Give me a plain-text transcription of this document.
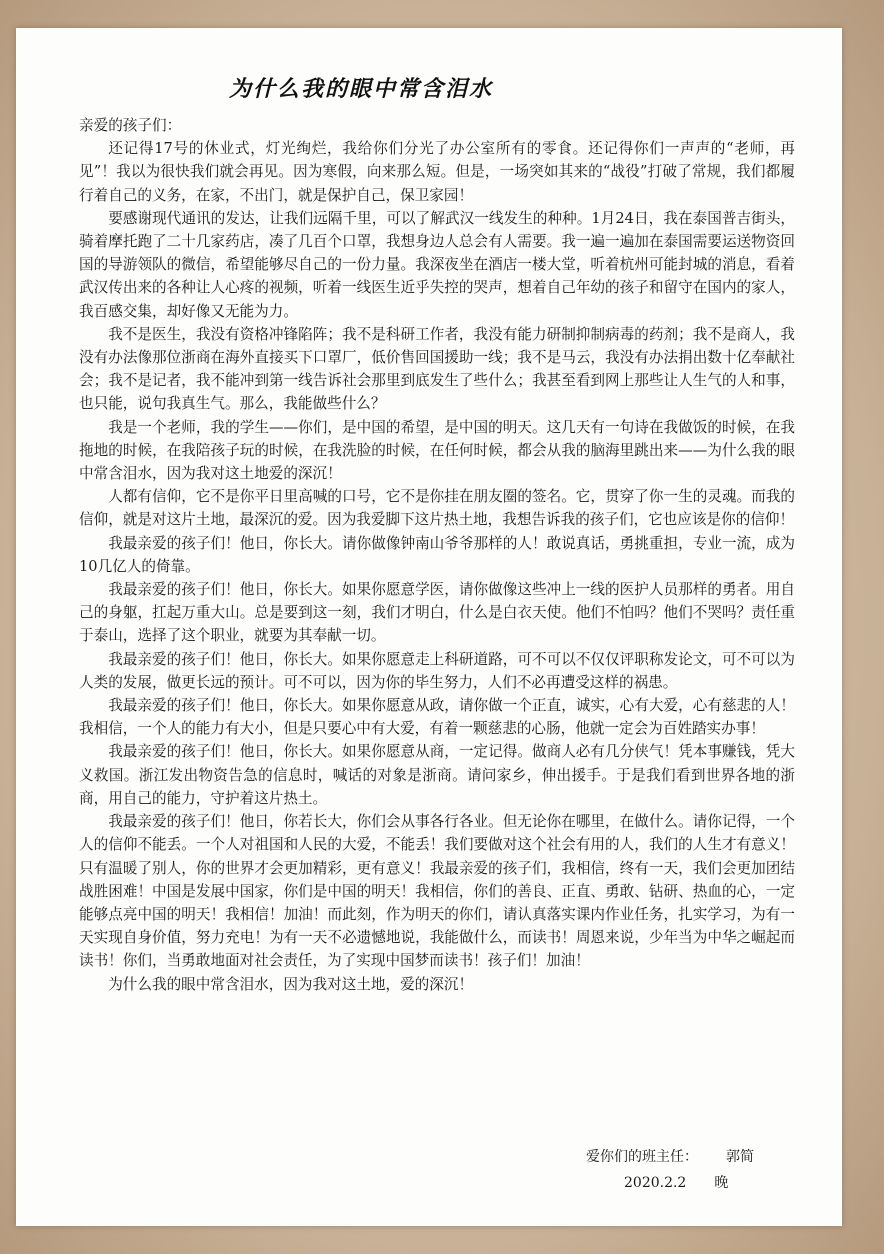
为什么我的眼中常含泪水

亲爱的孩子们：

还记得17号的休业式，灯光绚烂，我给你们分光了办公室所有的零食。还记得你们一声声的“老师，再见”！我以为很快我们就会再见。因为寒假，向来那么短。但是，一场突如其来的“战役”打破了常规，我们都履行着自己的义务，在家，不出门，就是保护自己，保卫家园！

要感谢现代通讯的发达，让我们远隔千里，可以了解武汉一线发生的种种。1月24日，我在泰国普吉街头，骑着摩托跑了二十几家药店，凑了几百个口罩，我想身边人总会有人需要。我一遍一遍加在泰国需要运送物资回国的导游领队的微信，希望能够尽自己的一份力量。我深夜坐在酒店一楼大堂，听着杭州可能封城的消息，看着武汉传出来的各种让人心疼的视频，听着一线医生近乎失控的哭声，想着自己年幼的孩子和留守在国内的家人，我百感交集，却好像又无能为力。

我不是医生，我没有资格冲锋陷阵；我不是科研工作者，我没有能力研制抑制病毒的药剂；我不是商人，我没有办法像那位浙商在海外直接买下口罩厂，低价售回国援助一线；我不是马云，我没有办法捐出数十亿奉献社会；我不是记者，我不能冲到第一线告诉社会那里到底发生了些什么；我甚至看到网上那些让人生气的人和事，也只能，说句我真生气。那么，我能做些什么？

我是一个老师，我的学生——你们，是中国的希望，是中国的明天。这几天有一句诗在我做饭的时候，在我拖地的时候，在我陪孩子玩的时候，在我洗脸的时候，在任何时候，都会从我的脑海里跳出来——为什么我的眼中常含泪水，因为我对这土地爱的深沉！

人都有信仰，它不是你平日里高喊的口号，它不是你挂在朋友圈的签名。它，贯穿了你一生的灵魂。而我的信仰，就是对这片土地，最深沉的爱。因为我爱脚下这片热土地，我想告诉我的孩子们，它也应该是你的信仰！

我最亲爱的孩子们！他日，你长大。请你做像钟南山爷爷那样的人！敢说真话，勇挑重担，专业一流，成为10几亿人的倚靠。

我最亲爱的孩子们！他日，你长大。如果你愿意学医，请你做像这些冲上一线的医护人员那样的勇者。用自己的身躯，扛起万重大山。总是要到这一刻，我们才明白，什么是白衣天使。他们不怕吗？他们不哭吗？责任重于泰山，选择了这个职业，就要为其奉献一切。

我最亲爱的孩子们！他日，你长大。如果你愿意走上科研道路，可不可以不仅仅评职称发论文，可不可以为人类的发展，做更长远的预计。可不可以，因为你的毕生努力，人们不必再遭受这样的祸患。

我最亲爱的孩子们！他日，你长大。如果你愿意从政，请你做一个正直，诚实，心有大爱，心有慈悲的人！我相信，一个人的能力有大小，但是只要心中有大爱，有着一颗慈悲的心肠，他就一定会为百姓踏实办事！

我最亲爱的孩子们！他日，你长大。如果你愿意从商，一定记得。做商人必有几分侠气！凭本事赚钱，凭大义救国。浙江发出物资告急的信息时，喊话的对象是浙商。请问家乡，伸出援手。于是我们看到世界各地的浙商，用自己的能力，守护着这片热土。

我最亲爱的孩子们！他日，你若长大，你们会从事各行各业。但无论你在哪里，在做什么。请你记得，一个人的信仰不能丢。一个人对祖国和人民的大爱，不能丢！我们要做对这个社会有用的人，我们的人生才有意义！只有温暖了别人，你的世界才会更加精彩，更有意义！我最亲爱的孩子们，我相信，终有一天，我们会更加团结战胜困难！中国是发展中国家，你们是中国的明天！我相信，你们的善良、正直、勇敢、钻研、热血的心，一定能够点亮中国的明天！我相信！加油！而此刻，作为明天的你们，请认真落实课内作业任务，扎实学习，为有一天实现自身价值，努力充电！为有一天不必遗憾地说，我能做什么，而读书！周恩来说，少年当为中华之崛起而读书！你们，当勇敢地面对社会责任，为了实现中国梦而读书！孩子们！加油！

为什么我的眼中常含泪水，因为我对这土地，爱的深沉！

爱你们的班主任： 郭简
2020.2.2 晚
